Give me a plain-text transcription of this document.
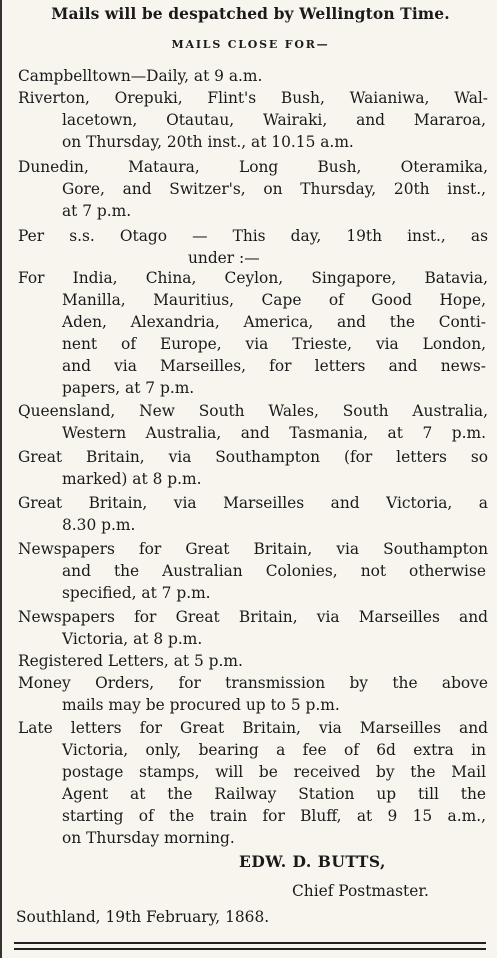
Mails will be despatched by Wellington Time.
MAILS CLOSE FOR—
Campbelltown—Daily, at 9 a.m.
Riverton, Orepuki, Flint's Bush, Waianiwa, Wal-
lacetown, Otautau, Wairaki, and Mararoa,
on Thursday, 20th inst., at 10.15 a.m.
Dunedin, Mataura, Long Bush, Oteramika,
Gore, and Switzer's, on Thursday, 20th inst.,
at 7 p.m.
Per s.s. Otago — This day, 19th inst., as
under :—
For India, China, Ceylon, Singapore, Batavia,
Manilla, Mauritius, Cape of Good Hope,
Aden, Alexandria, America, and the Conti-
nent of Europe, via Trieste, via London,
and via Marseilles, for letters and news-
papers, at 7 p.m.
Queensland, New South Wales, South Australia,
Western Australia, and Tasmania, at 7 p.m.
Great Britain, via Southampton (for letters so
marked) at 8 p.m.
Great Britain, via Marseilles and Victoria, a
8.30 p.m.
Newspapers for Great Britain, via Southampton
and the Australian Colonies, not otherwise
specified, at 7 p.m.
Newspapers for Great Britain, via Marseilles and
Victoria, at 8 p.m.
Registered Letters, at 5 p.m.
Money Orders, for transmission by the above
mails may be procured up to 5 p.m.
Late letters for Great Britain, via Marseilles and
Victoria, only, bearing a fee of 6d extra in
postage stamps, will be received by the Mail
Agent at the Railway Station up till the
starting of the train for Bluff, at 9 15 a.m.,
on Thursday morning.
EDW. D. BUTTS,
Chief Postmaster.
Southland, 19th February, 1868.
